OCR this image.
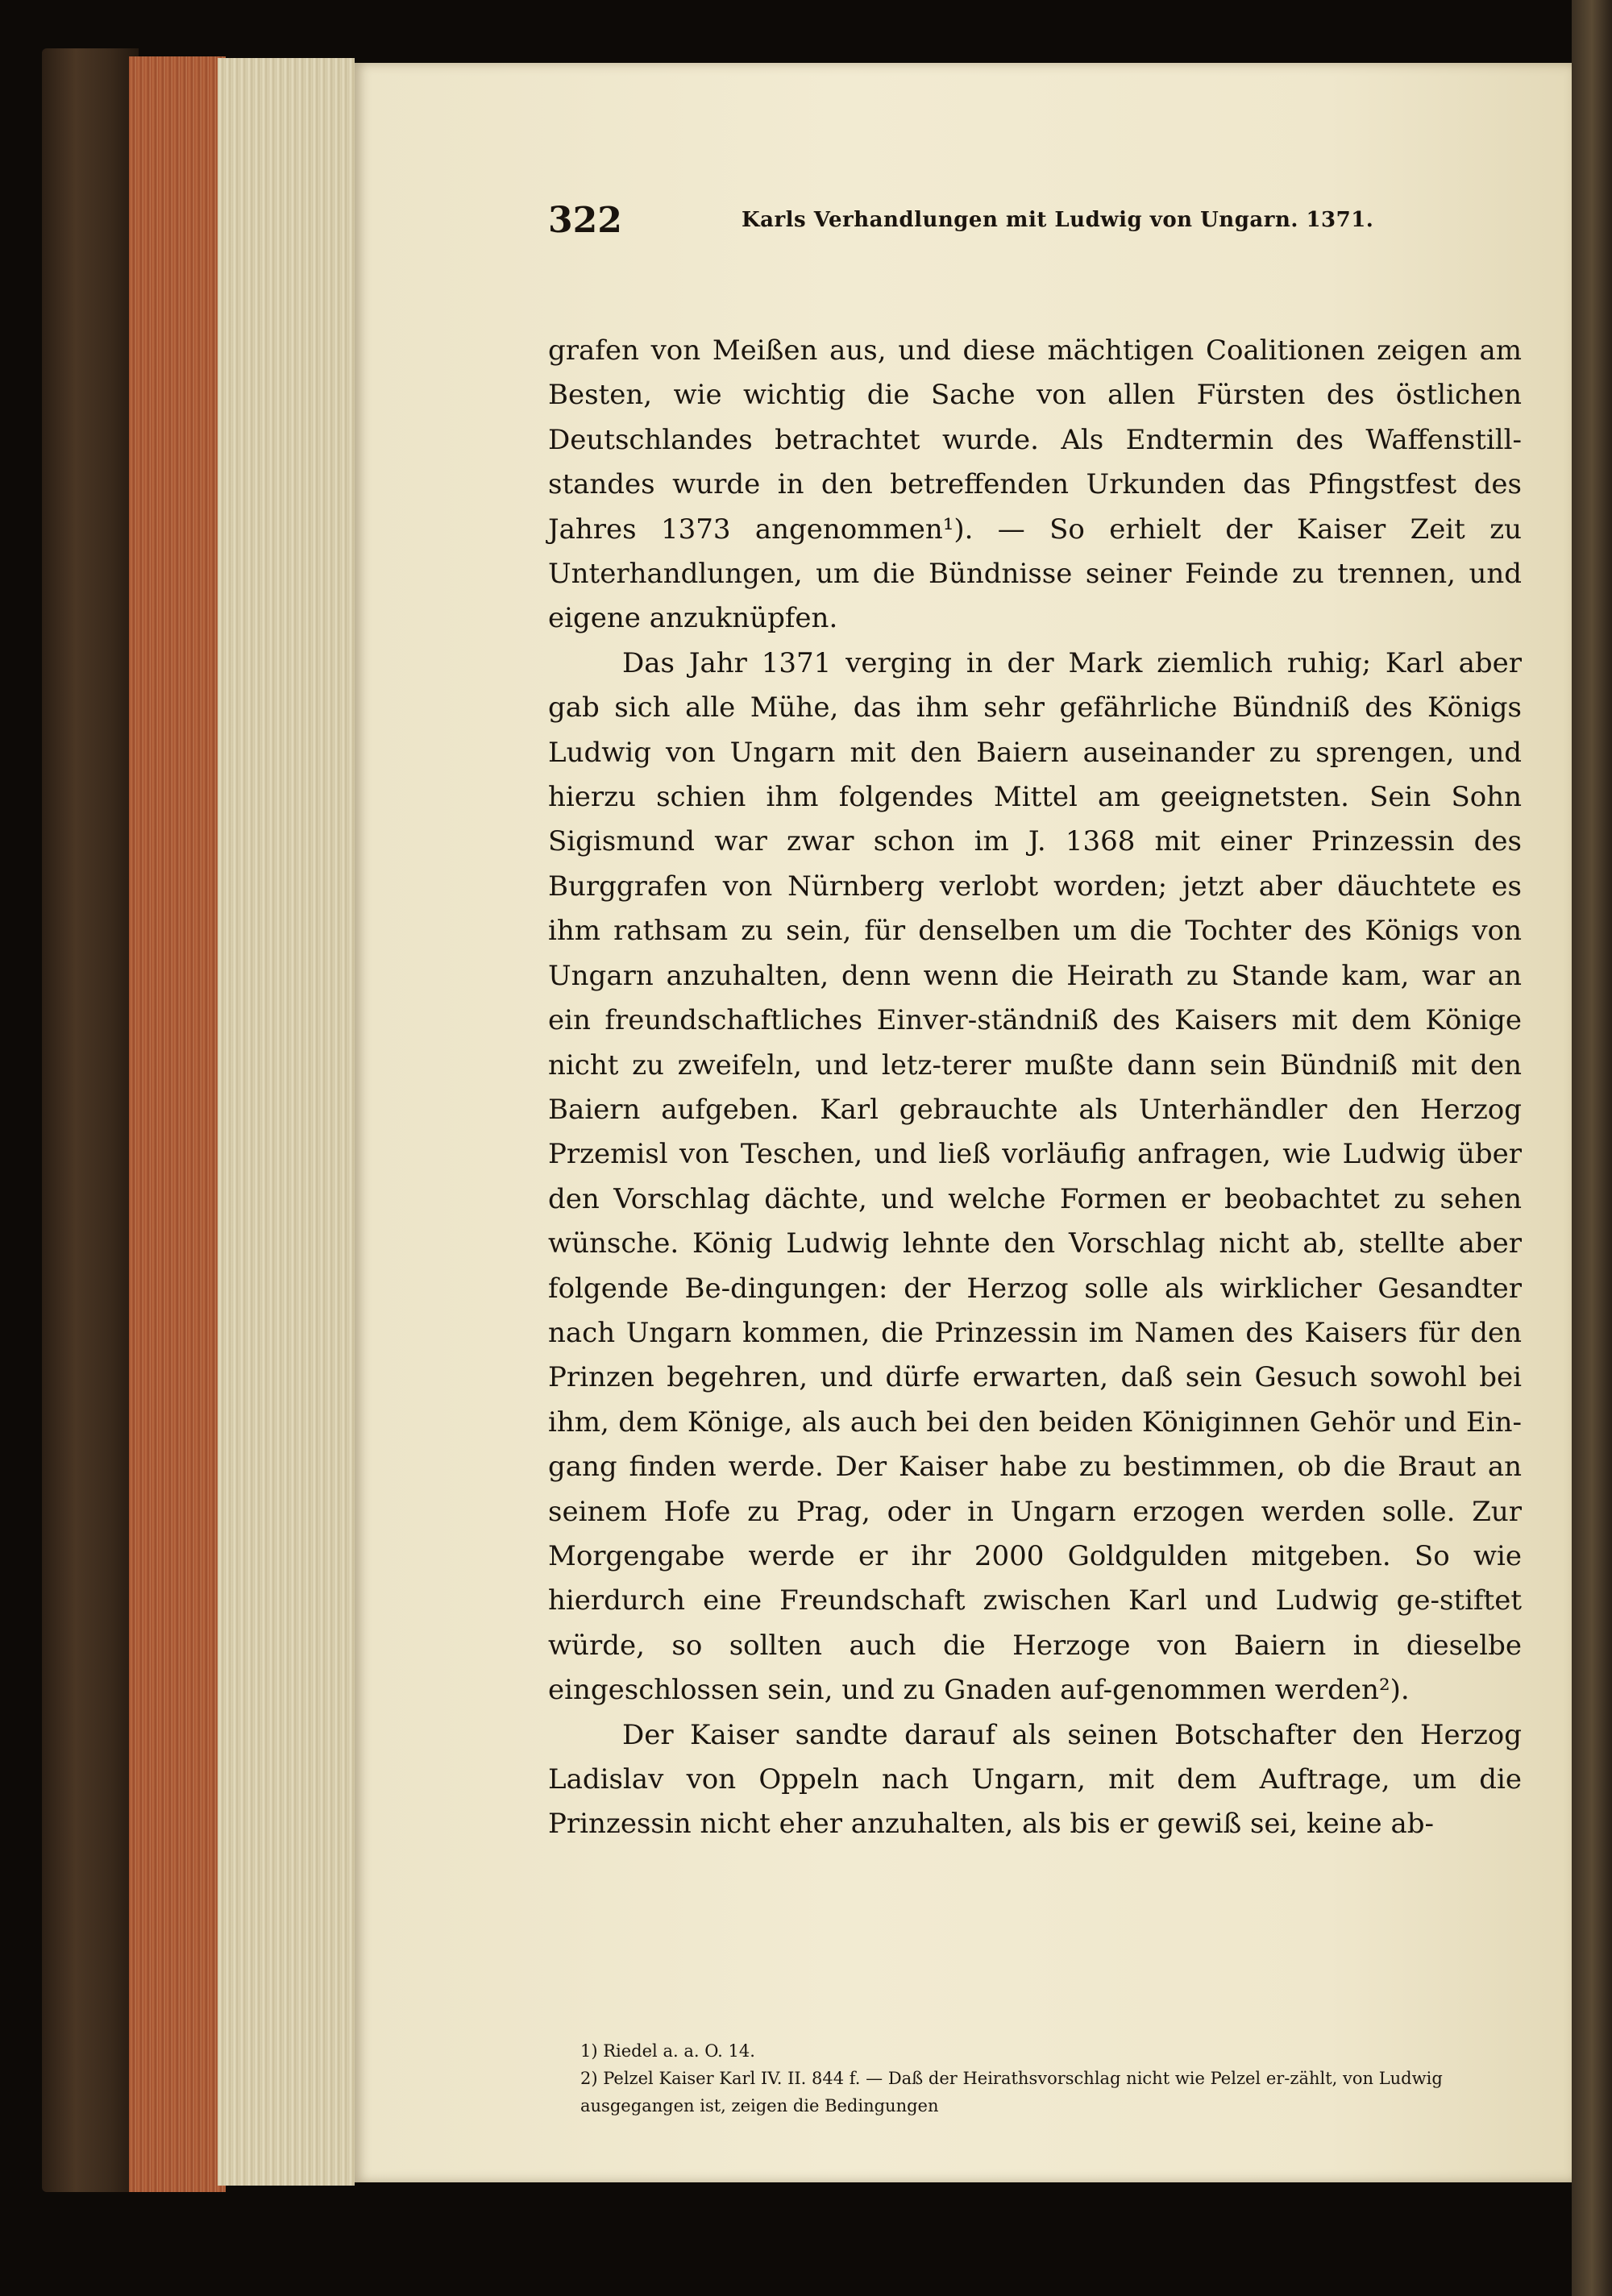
322	Karls Verhandlungen mit Ludwig von Ungarn. 1371.

grafen von Meißen aus, und diese mächtigen Coalitionen zeigen am Besten, wie wichtig die Sache von allen Fürsten des östlichen Deutschlandes betrachtet wurde. Als Endtermin des Waffenstill-standes wurde in den betreffenden Urkunden das Pfingstfest des Jahres 1373 angenommen¹). — So erhielt der Kaiser Zeit zu Unterhandlungen, um die Bündnisse seiner Feinde zu trennen, und eigene anzuknüpfen.

Das Jahr 1371 verging in der Mark ziemlich ruhig; Karl aber gab sich alle Mühe, das ihm sehr gefährliche Bündniß des Königs Ludwig von Ungarn mit den Baiern auseinander zu sprengen, und hierzu schien ihm folgendes Mittel am geeignetsten. Sein Sohn Sigismund war zwar schon im J. 1368 mit einer Prinzessin des Burggrafen von Nürnberg verlobt worden; jetzt aber däuchtete es ihm rathsam zu sein, für denselben um die Tochter des Königs von Ungarn anzuhalten, denn wenn die Heirath zu Stande kam, war an ein freundschaftliches Einver-ständniß des Kaisers mit dem Könige nicht zu zweifeln, und letz-terer mußte dann sein Bündniß mit den Baiern aufgeben. Karl gebrauchte als Unterhändler den Herzog Przemisl von Teschen, und ließ vorläufig anfragen, wie Ludwig über den Vorschlag dächte, und welche Formen er beobachtet zu sehen wünsche. König Ludwig lehnte den Vorschlag nicht ab, stellte aber folgende Be-dingungen: der Herzog solle als wirklicher Gesandter nach Ungarn kommen, die Prinzessin im Namen des Kaisers für den Prinzen begehren, und dürfe erwarten, daß sein Gesuch sowohl bei ihm, dem Könige, als auch bei den beiden Königinnen Gehör und Ein-gang finden werde. Der Kaiser habe zu bestimmen, ob die Braut an seinem Hofe zu Prag, oder in Ungarn erzogen werden solle. Zur Morgengabe werde er ihr 2000 Goldgulden mitgeben. So wie hierdurch eine Freundschaft zwischen Karl und Ludwig ge-stiftet würde, so sollten auch die Herzoge von Baiern in dieselbe eingeschlossen sein, und zu Gnaden auf-genommen werden²).

Der Kaiser sandte darauf als seinen Botschafter den Herzog Ladislav von Oppeln nach Ungarn, mit dem Auftrage, um die Prinzessin nicht eher anzuhalten, als bis er gewiß sei, keine ab-

1) Riedel a. a. O. 14.

2) Pelzel Kaiser Karl IV. II. 844 f. — Daß der Heirathsvorschlag nicht wie Pelzel er-zählt, von Ludwig ausgegangen ist, zeigen die Bedingungen
